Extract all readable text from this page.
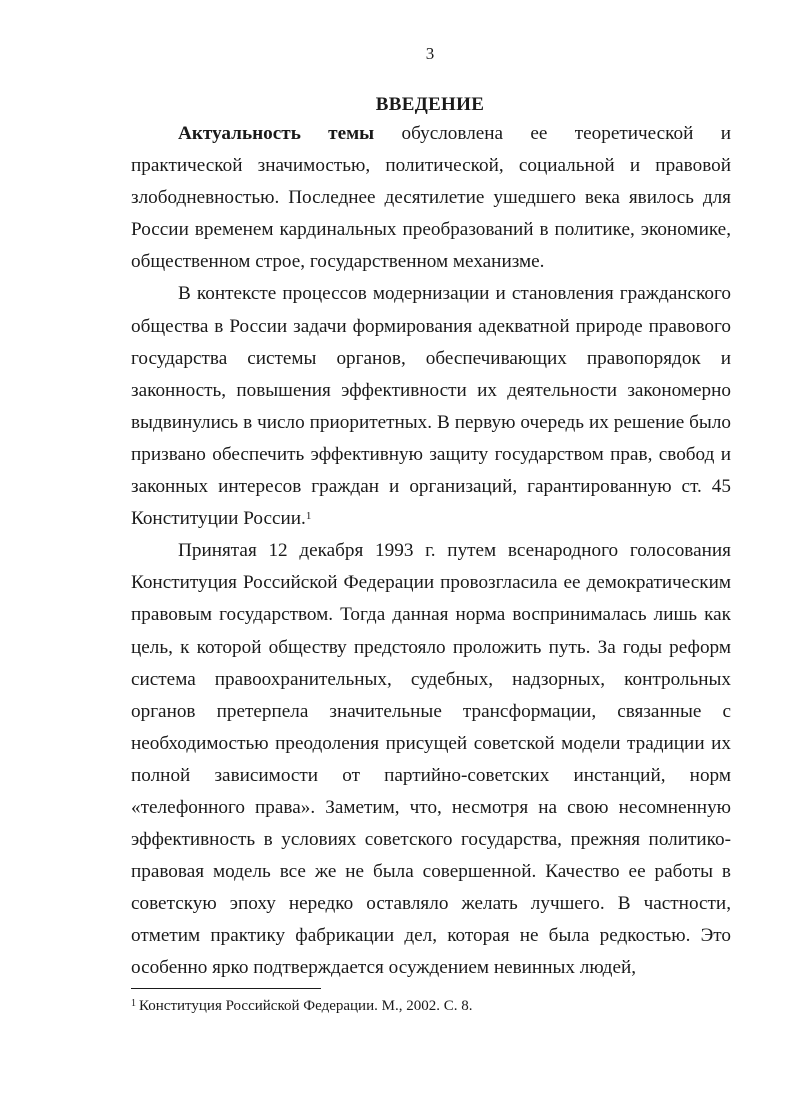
3
ВВЕДЕНИЕ

Актуальность темы обусловлена ее теоретической и практической значимостью, политической, социальной и правовой злободневностью. Последнее десятилетие ушедшего века явилось для России временем кардинальных преобразований в политике, экономике, общественном строе, государственном механизме.

В контексте процессов модернизации и становления гражданского общества в России задачи формирования адекватной природе правового государства системы органов, обеспечивающих правопорядок и законность, повышения эффективности их деятельности закономерно выдвинулись в число приоритетных. В первую очередь их решение было призвано обеспечить эффективную защиту государством прав, свобод и законных интересов граждан и организаций, гарантированную ст. 45 Конституции России.$^1$

Принятая 12 декабря 1993 г. путем всенародного голосования Конституция Российской Федерации провозгласила ее демократическим правовым государством. Тогда данная норма воспринималась лишь как цель, к которой обществу предстояло проложить путь. За годы реформ система правоохранительных, судебных, надзорных, контрольных органов претерпела значительные трансформации, связанные с необходимостью преодоления присущей советской модели традиции их полной зависимости от партийно-советских инстанций, норм «телефонного права». Заметим, что, несмотря на свою несомненную эффективность в условиях советского государства, прежняя политико-правовая модель все же не была совершенной. Качество ее работы в советскую эпоху нередко оставляло желать лучшего. В частности, отметим практику фабрикации дел, которая не была редкостью. Это особенно ярко подтверждается осуждением невинных людей,

$^1$ Конституция Российской Федерации. М., 2002. С. 8.
